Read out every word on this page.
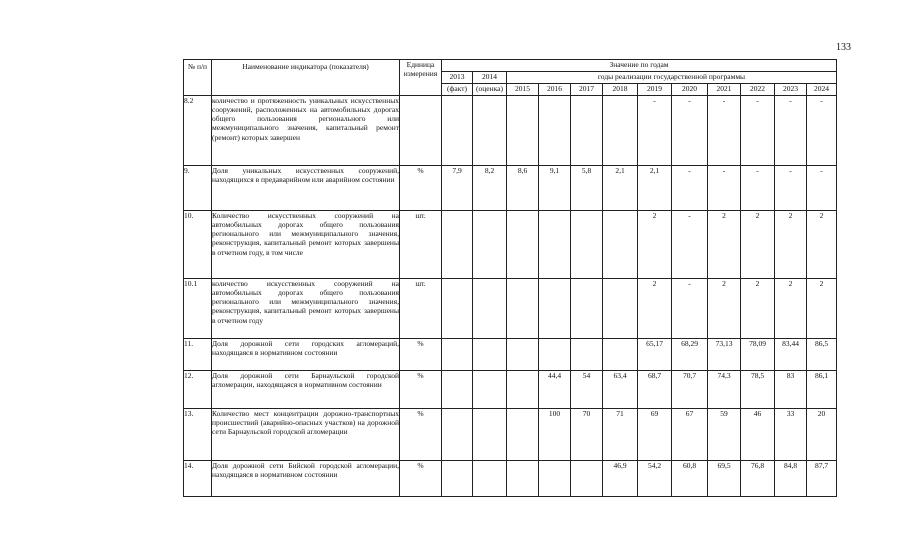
133
№ п/п	Наименование индикатора (показателя)	Единица измерения	Значение по годам											
			2013	2014	годы реализации государственной программы									
			(факт)	(оценка)	2015	2016	2017	2018	2019	2020	2021	2022	2023	2024
8.2	количество и протяженность уникальных искусственных сооружений, расположенных на автомобильных дорогах общего пользования регионального или межмуниципального значения, капитальный ремонт (ремонт) которых завершен								-	-	-	-	-	-
9.	Доля уникальных искусственных сооружений, находящихся в предаварийном или аварийном состоянии	%	7,9	8,2	8,6	9,1	5,8	2,1	2,1	-	-	-	-	-
10.	Количество искусственных сооружений на автомобильных дорогах общего пользования регионального или межмуниципального значения, реконструкция, капитальный ремонт которых завершены в отчетном году, в том числе	шт.							2	-	2	2	2	2
10.1	количество искусственных сооружений на автомобильных дорогах общего пользования регионального или межмуниципального значения, реконструкция, капитальный ремонт которых завершены в отчетном году	шт.							2	-	2	2	2	2
11.	Доля дорожной сети городских агломераций, находящаяся в нормативном состоянии	%							65,17	68,29	73,13	78,09	83,44	86,5
12.	Доля дорожной сети Барнаульской городской агломерации, находящаяся в нормативном состоянии	%				44,4	54	63,4	68,7	70,7	74,3	78,5	83	86,1
13.	Количество мест концентрации дорожно-транспортных происшествий (аварийно-опасных участков) на дорожной сети Барнаульской городской агломерации	%				100	70	71	69	67	59	46	33	20
14.	Доля дорожной сети Бийской городской агломерации, находящаяся в нормативном состоянии	%						46,9	54,2	60,8	69,5	76,8	84,8	87,7
